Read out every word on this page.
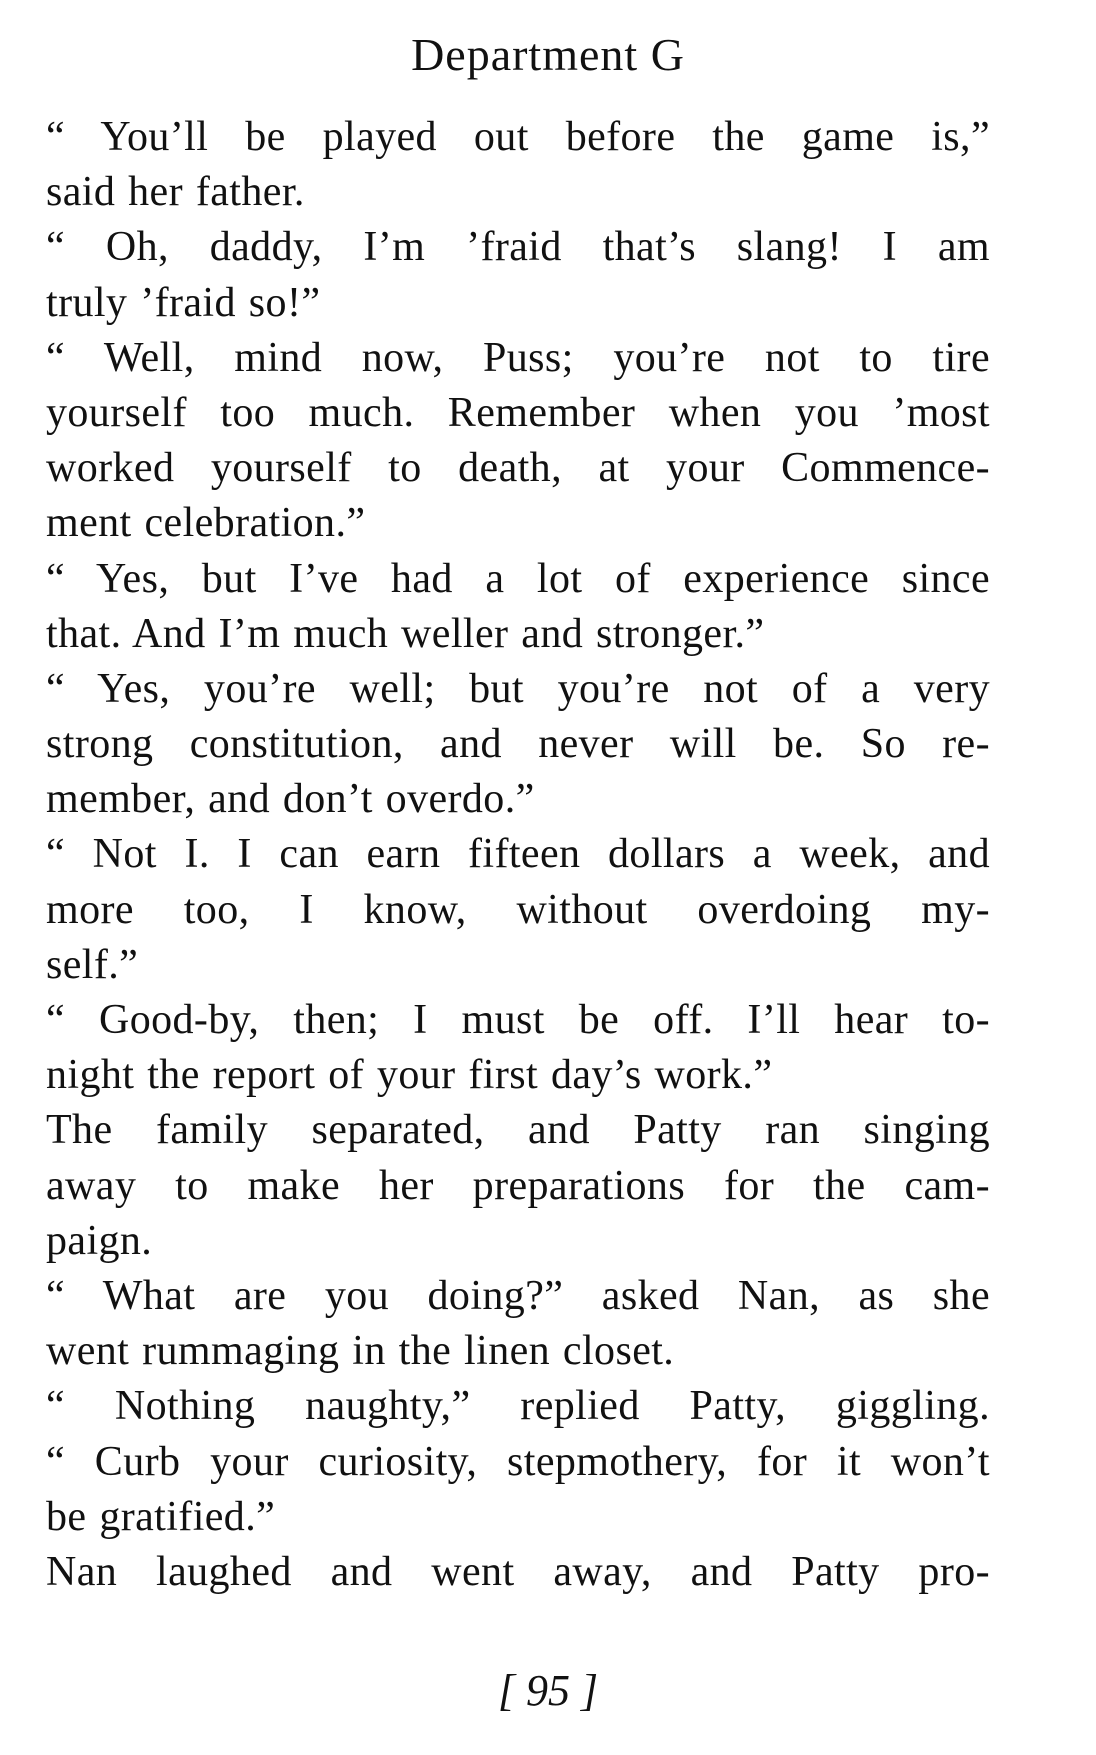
Department G
“ You’ll be played out before the game is,”
said her father.
“ Oh, daddy, I’m ’fraid that’s slang! I am
truly ’fraid so!”
“ Well, mind now, Puss; you’re not to tire
yourself too much. Remember when you ’most
worked yourself to death, at your Commence-
ment celebration.”
“ Yes, but I’ve had a lot of experience since
that. And I’m much weller and stronger.”
“ Yes, you’re well; but you’re not of a very
strong constitution, and never will be. So re-
member, and don’t overdo.”
“ Not I. I can earn fifteen dollars a week, and
more too, I know, without overdoing my-
self.”
“ Good-by, then; I must be off. I’ll hear to-
night the report of your first day’s work.”
The family separated, and Patty ran singing
away to make her preparations for the cam-
paign.
“ What are you doing?” asked Nan, as she
went rummaging in the linen closet.
“ Nothing naughty,” replied Patty, giggling.
“ Curb your curiosity, stepmothery, for it won’t
be gratified.”
Nan laughed and went away, and Patty pro-
[ 95 ]
